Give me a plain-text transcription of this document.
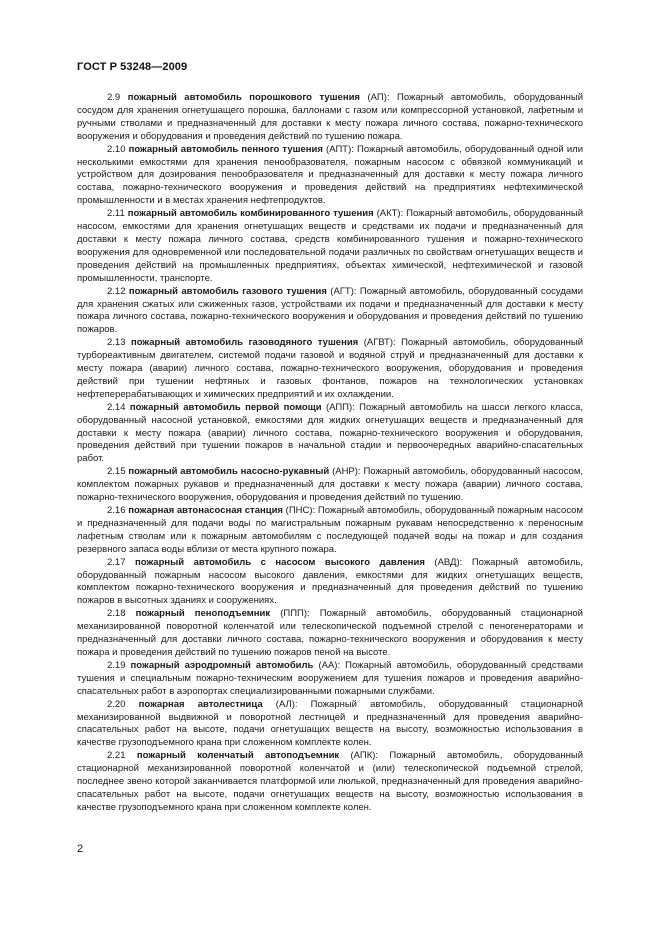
ГОСТ Р 53248—2009

2.9 пожарный автомобиль порошкового тушения (АП): Пожарный автомобиль, оборудованный сосудом для хранения огнетушащего порошка, баллонами с газом или компрессорной установкой, лафетным и ручными стволами и предназначенный для доставки к месту пожара личного состава, пожарно-технического вооружения и оборудования и проведения действий по тушению пожара.

2.10 пожарный автомобиль пенного тушения (АПТ): Пожарный автомобиль, оборудованный одной или несколькими емкостями для хранения пенообразователя, пожарным насосом с обвязкой коммуникаций и устройством для дозирования пенообразователя и предназначенный для доставки к месту пожара личного состава, пожарно-технического вооружения и проведения действий на предприятиях нефтехимической промышленности и в местах хранения нефтепродуктов.

2.11 пожарный автомобиль комбинированного тушения (АКТ): Пожарный автомобиль, оборудованный насосом, емкостями для хранения огнетушащих веществ и средствами их подачи и предназначенный для доставки к месту пожара личного состава, средств комбинированного тушения и пожарно-технического вооружения для одновременной или последовательной подачи различных по свойствам огнетушащих веществ и проведения действий на промышленных предприятиях, объектах химической, нефтехимической и газовой промышленности, транспорте.

2.12 пожарный автомобиль газового тушения (АГТ): Пожарный автомобиль, оборудованный сосудами для хранения сжатых или сжиженных газов, устройствами их подачи и предназначенный для доставки к месту пожара личного состава, пожарно-технического вооружения и оборудования и проведения действий по тушению пожаров.

2.13 пожарный автомобиль газоводяного тушения (АГВТ): Пожарный автомобиль, оборудованный турбореактивным двигателем, системой подачи газовой и водяной струй и предназначенный для доставки к месту пожара (аварии) личного состава, пожарно-технического вооружения, оборудования и проведения действий при тушении нефтяных и газовых фонтанов, пожаров на технологических установках нефтеперерабатывающих и химических предприятий и их охлаждении.

2.14 пожарный автомобиль первой помощи (АПП): Пожарный автомобиль на шасси легкого класса, оборудованный насосной установкой, емкостями для жидких огнетушащих веществ и предназначенный для доставки к месту пожара (аварии) личного состава, пожарно-технического вооружения и оборудования, проведения действий при тушении пожаров в начальной стадии и первоочередных аварийно-спасательных работ.

2.15 пожарный автомобиль насосно-рукавный (АНР): Пожарный автомобиль, оборудованный насосом, комплектом пожарных рукавов и предназначенный для доставки к месту пожара (аварии) личного состава, пожарно-технического вооружения, оборудования и проведения действий по тушению.

2.16 пожарная автонасосная станция (ПНС): Пожарный автомобиль, оборудованный пожарным насосом и предназначенный для подачи воды по магистральным пожарным рукавам непосредственно к переносным лафетным стволам или к пожарным автомобилям с последующей подачей воды на пожар и для создания резервного запаса воды вблизи от места крупного пожара.

2.17 пожарный автомобиль с насосом высокого давления (АВД): Пожарный автомобиль, оборудованный пожарным насосом высокого давления, емкостями для жидких огнетушащих веществ, комплектом пожарно-технического вооружения и предназначенный для проведения действий по тушению пожаров в высотных зданиях и сооружениях.

2.18 пожарный пеноподъемник (ППП): Пожарный автомобиль, оборудованный стационарной механизированной поворотной коленчатой или телескопической подъемной стрелой с пеногенераторами и предназначенный для доставки личного состава, пожарно-технического вооружения и оборудования к месту пожара и проведения действий по тушению пожаров пеной на высоте.

2.19 пожарный аэродромный автомобиль (АА): Пожарный автомобиль, оборудованный средствами тушения и специальным пожарно-техническим вооружением для тушения пожаров и проведения аварийно-спасательных работ в аэропортах специализированными пожарными службами.

2.20 пожарная автолестница (АЛ): Пожарный автомобиль, оборудованный стационарной механизированной выдвижной и поворотной лестницей и предназначенный для проведения аварийно-спасательных работ на высоте, подачи огнетушащих веществ на высоту, возможностью использования в качестве грузоподъемного крана при сложенном комплекте колен.

2.21 пожарный коленчатый автоподъемник (АПК): Пожарный автомобиль, оборудованный стационарной механизированной поворотной коленчатой и (или) телескопической подъемной стрелой, последнее звено которой заканчивается платформой или люлькой, предназначенный для проведения аварийно-спасательных работ на высоте, подачи огнетушащих веществ на высоту, возможностью использования в качестве грузоподъемного крана при сложенном комплекте колен.

2
